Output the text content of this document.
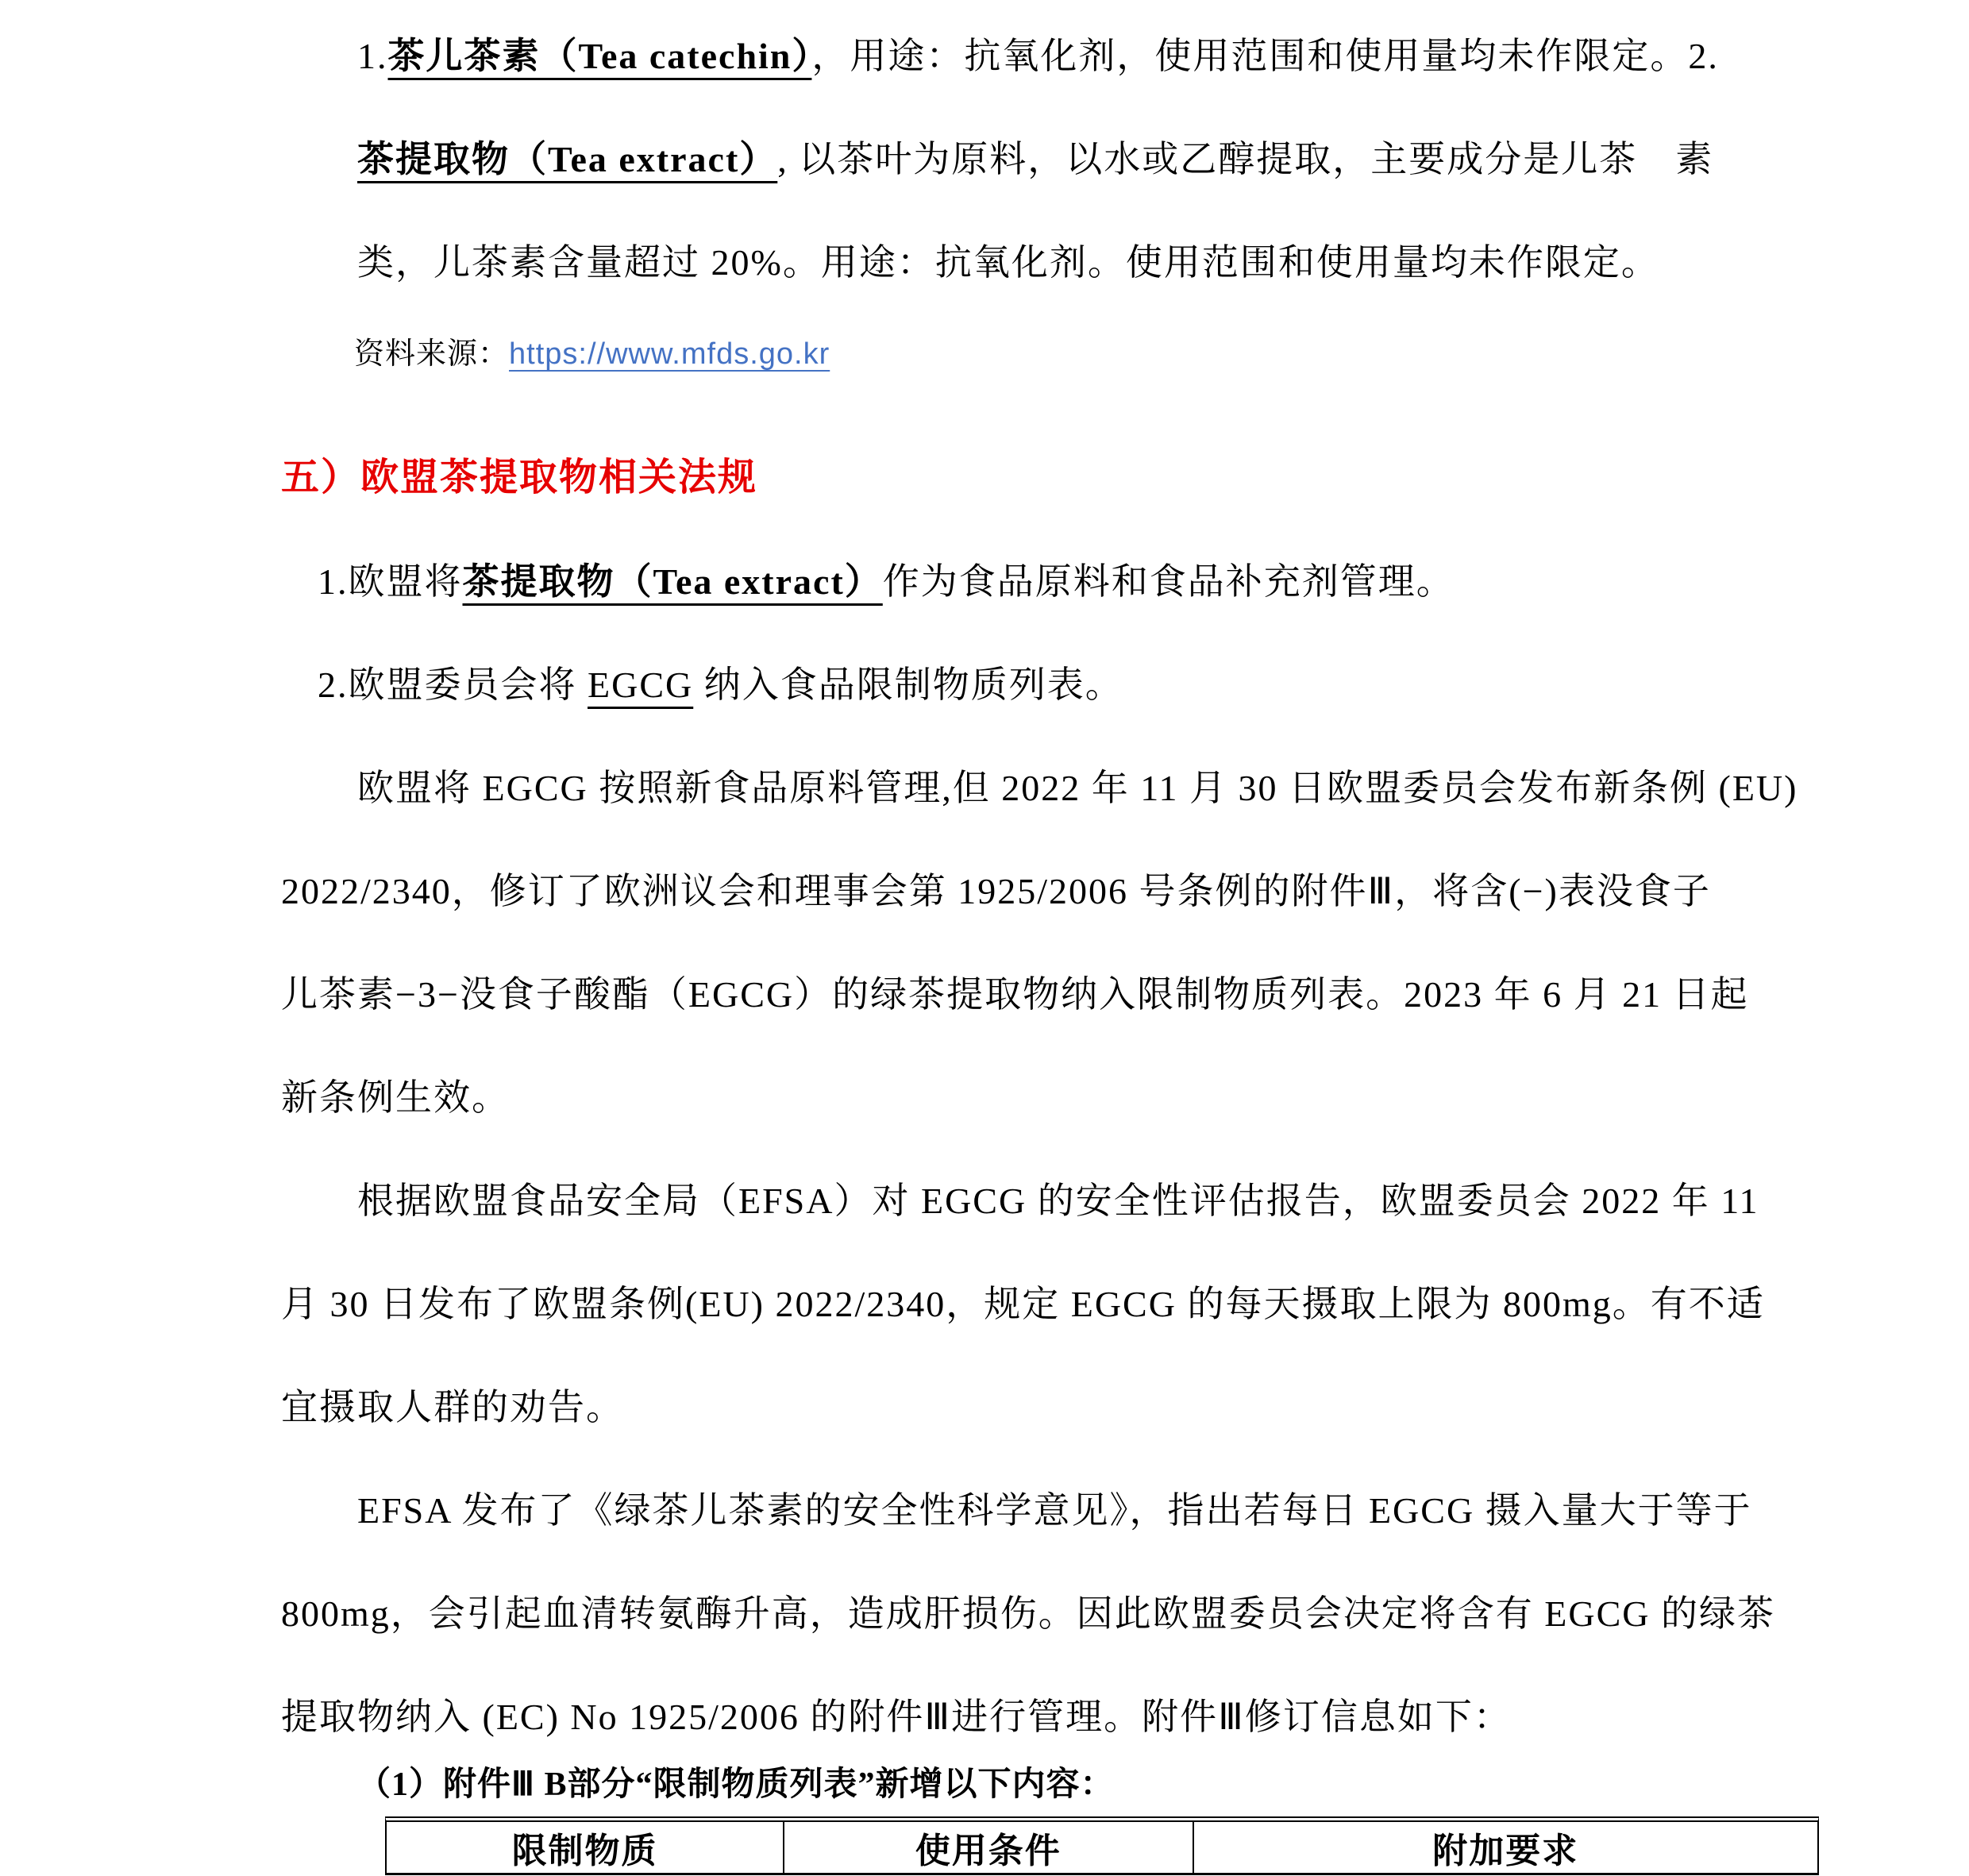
1.茶儿茶素（Tea catechin），用途：抗氧化剂，使用范围和使用量均未作限定。2.
茶提取物（Tea extract）, 以茶叶为原料，以水或乙醇提取，主要成分是儿茶　素
类，儿茶素含量超过 20%。用途：抗氧化剂。使用范围和使用量均未作限定。
资料来源：https://www.mfds.go.kr
五）欧盟茶提取物相关法规
1.欧盟将茶提取物（Tea extract）作为食品原料和食品补充剂管理。
2.欧盟委员会将 EGCG 纳入食品限制物质列表。
欧盟将 EGCG 按照新食品原料管理,但 2022 年 11 月 30 日欧盟委员会发布新条例 (EU)
2022/2340，修订了欧洲议会和理事会第 1925/2006 号条例的附件Ⅲ，将含(−)表没食子
儿茶素−3−没食子酸酯（EGCG）的绿茶提取物纳入限制物质列表。2023 年 6 月 21 日起
新条例生效。
根据欧盟食品安全局（EFSA）对 EGCG 的安全性评估报告，欧盟委员会 2022 年 11
月 30 日发布了欧盟条例(EU) 2022/2340，规定 EGCG 的每天摄取上限为 800mg。有不适
宜摄取人群的劝告。
EFSA 发布了《绿茶儿茶素的安全性科学意见》，指出若每日 EGCG 摄入量大于等于
800mg，会引起血清转氨酶升高，造成肝损伤。因此欧盟委员会决定将含有 EGCG 的绿茶
提取物纳入 (EC) No 1925/2006 的附件Ⅲ进行管理。附件Ⅲ修订信息如下：
（1）附件Ⅲ B部分“限制物质列表”新增以下内容：
限制物质	使用条件	附加要求
